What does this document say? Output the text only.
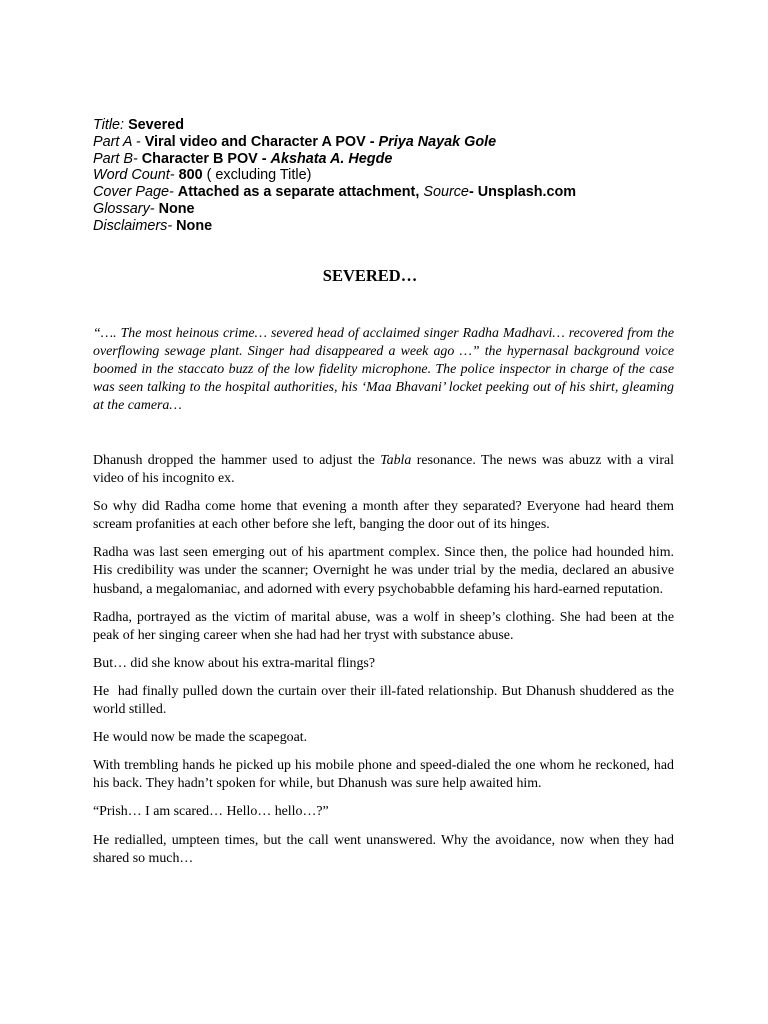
Title: Severed
Part A - Viral video and Character A POV - Priya Nayak Gole
Part B- Character B POV - Akshata A. Hegde
Word Count- 800 ( excluding Title)
Cover Page- Attached as a separate attachment, Source- Unsplash.com
Glossary- None
Disclaimers- None
SEVERED…

“…. The most heinous crime… severed head of acclaimed singer Radha Madhavi… recovered from the overflowing sewage plant. Singer had disappeared a week ago …” the hypernasal background voice boomed in the staccato buzz of the low fidelity microphone. The police inspector in charge of the case was seen talking to the hospital authorities, his ‘Maa Bhavani’ locket peeking out of his shirt, gleaming at the camera…

Dhanush dropped the hammer used to adjust the Tabla resonance. The news was abuzz with a viral video of his incognito ex.

So why did Radha come home that evening a month after they separated? Everyone had heard them scream profanities at each other before she left, banging the door out of its hinges.

Radha was last seen emerging out of his apartment complex. Since then, the police had hounded him. His credibility was under the scanner; Overnight he was under trial by the media, declared an abusive husband, a megalomaniac, and adorned with every psychobabble defaming his hard-earned reputation.

Radha, portrayed as the victim of marital abuse, was a wolf in sheep’s clothing. She had been at the peak of her singing career when she had had her tryst with substance abuse.

But… did she know about his extra-marital flings?

He  had finally pulled down the curtain over their ill-fated relationship. But Dhanush shuddered as the world stilled.

He would now be made the scapegoat.

With trembling hands he picked up his mobile phone and speed-dialed the one whom he reckoned, had his back. They hadn’t spoken for while, but Dhanush was sure help awaited him.

“Prish… I am scared… Hello… hello…?”

He redialled, umpteen times, but the call went unanswered. Why the avoidance, now when they had shared so much…
